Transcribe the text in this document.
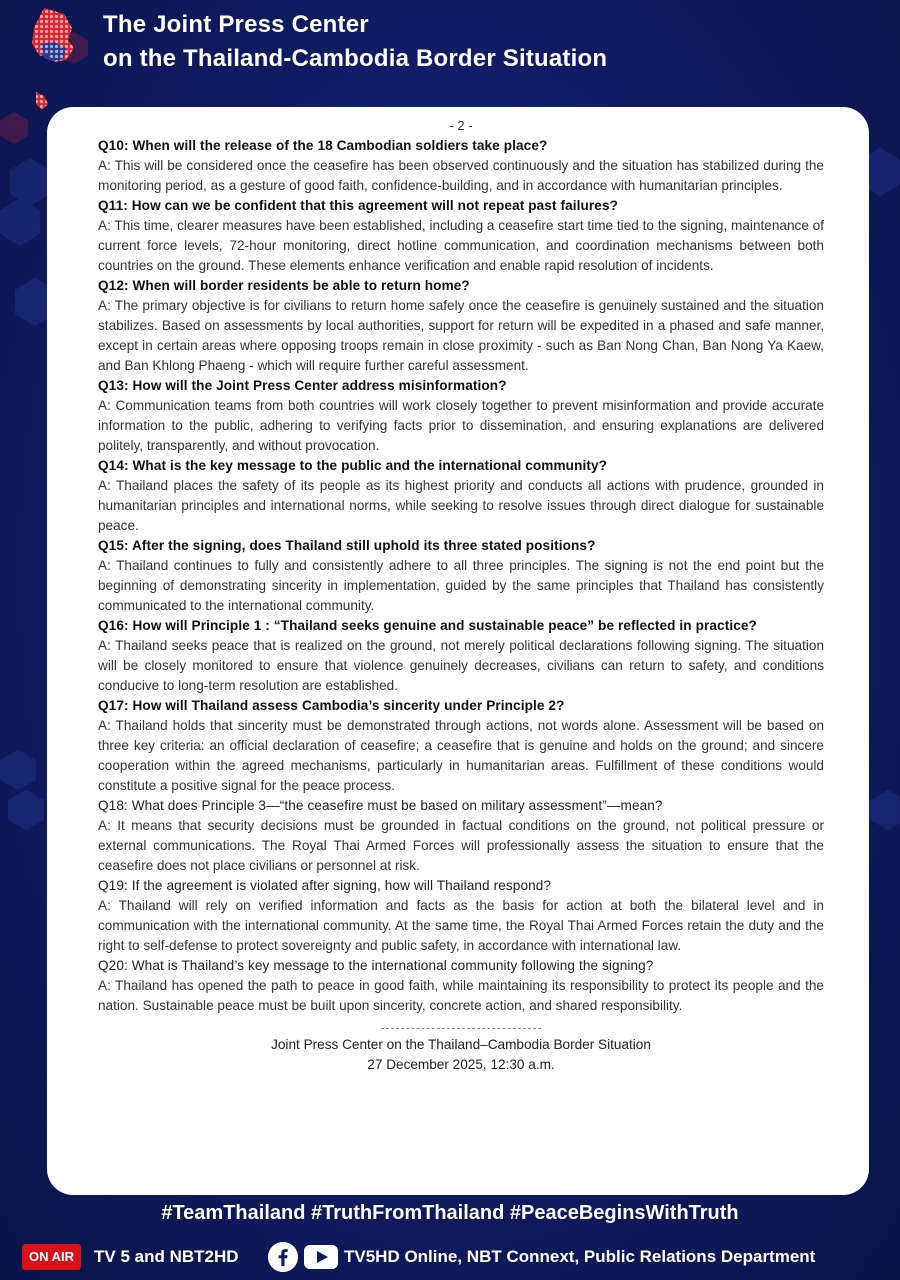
The Joint Press Center
on the Thailand-Cambodia Border Situation
- 2 -
Q10: When will the release of the 18 Cambodian soldiers take place?
A: This will be considered once the ceasefire has been observed continuously and the situation has stabilized during the monitoring period, as a gesture of good faith, confidence-building, and in accordance with humanitarian principles.
Q11: How can we be confident that this agreement will not repeat past failures?
A: This time, clearer measures have been established, including a ceasefire start time tied to the signing, maintenance of current force levels, 72-hour monitoring, direct hotline communication, and coordination mechanisms between both countries on the ground. These elements enhance verification and enable rapid resolution of incidents.
Q12: When will border residents be able to return home?
A: The primary objective is for civilians to return home safely once the ceasefire is genuinely sustained and the situation stabilizes. Based on assessments by local authorities, support for return will be expedited in a phased and safe manner, except in certain areas where opposing troops remain in close proximity - such as Ban Nong Chan, Ban Nong Ya Kaew, and Ban Khlong Phaeng - which will require further careful assessment.
Q13: How will the Joint Press Center address misinformation?
A: Communication teams from both countries will work closely together to prevent misinformation and provide accurate information to the public, adhering to verifying facts prior to dissemination, and ensuring explanations are delivered politely, transparently, and without provocation.
Q14: What is the key message to the public and the international community?
A: Thailand places the safety of its people as its highest priority and conducts all actions with prudence, grounded in humanitarian principles and international norms, while seeking to resolve issues through direct dialogue for sustainable peace.
Q15: After the signing, does Thailand still uphold its three stated positions?
A: Thailand continues to fully and consistently adhere to all three principles. The signing is not the end point but the beginning of demonstrating sincerity in implementation, guided by the same principles that Thailand has consistently communicated to the international community.
Q16: How will Principle 1 : “Thailand seeks genuine and sustainable peace” be reflected in practice?
A: Thailand seeks peace that is realized on the ground, not merely political declarations following signing. The situation will be closely monitored to ensure that violence genuinely decreases, civilians can return to safety, and conditions conducive to long-term resolution are established.
Q17: How will Thailand assess Cambodia’s sincerity under Principle 2?
A: Thailand holds that sincerity must be demonstrated through actions, not words alone. Assessment will be based on three key criteria: an official declaration of ceasefire; a ceasefire that is genuine and holds on the ground; and sincere cooperation within the agreed mechanisms, particularly in humanitarian areas. Fulfillment of these conditions would constitute a positive signal for the peace process.
Q18: What does Principle 3—“the ceasefire must be based on military assessment”—mean?
A: It means that security decisions must be grounded in factual conditions on the ground, not political pressure or external communications. The Royal Thai Armed Forces will professionally assess the situation to ensure that the ceasefire does not place civilians or personnel at risk.
Q19: If the agreement is violated after signing, how will Thailand respond?
A: Thailand will rely on verified information and facts as the basis for action at both the bilateral level and in communication with the international community. At the same time, the Royal Thai Armed Forces retain the duty and the right to self-defense to protect sovereignty and public safety, in accordance with international law.
Q20: What is Thailand’s key message to the international community following the signing?
A: Thailand has opened the path to peace in good faith, while maintaining its responsibility to protect its people and the nation. Sustainable peace must be built upon sincerity, concrete action, and shared responsibility.
Joint Press Center on the Thailand–Cambodia Border Situation
27 December 2025, 12:30 a.m.
#TeamThailand #TruthFromThailand #PeaceBeginsWithTruth
ON AIR	TV 5 and NBT2HD	TV5HD Online, NBT Connext, Public Relations Department
